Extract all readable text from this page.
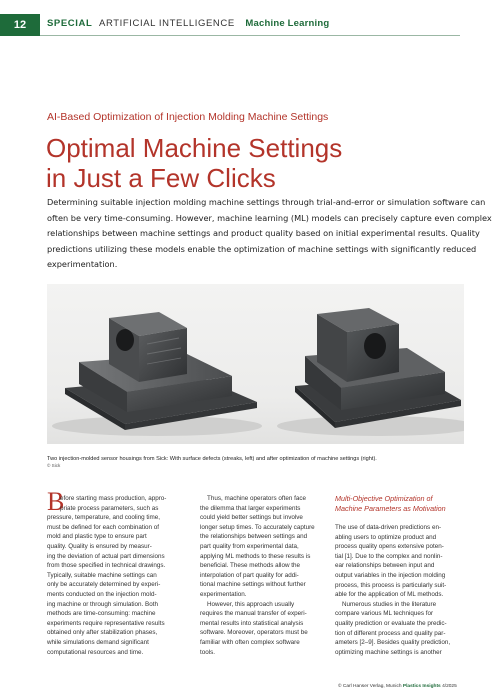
12	SPECIAL ARTIFICIAL INTELLIGENCE Machine Learning
AI-Based Optimization of Injection Molding Machine Settings
Optimal Machine Settings
in Just a Few Clicks
Determining suitable injection molding machine settings through trial-and-error or simulation software can
often be very time-consuming. However, machine learning (ML) models can precisely capture even complex
relationships between machine settings and product quality based on initial experimental results. Quality
predictions utilizing these models enable the optimization of machine settings with significantly reduced
experimentation.
Two injection-molded sensor housings from Sick: With surface defects (streaks, left) and after optimization of machine settings (right).
© Sick
B
efore starting mass production, appro-
priate process parameters, such as
pressure, temperature, and cooling time,
must be defined for each combination of
mold and plastic type to ensure part
quality. Quality is ensured by measur-
ing the deviation of actual part dimensions
from those specified in technical drawings.
Typically, suitable machine settings can
only be accurately determined by experi-
ments conducted on the injection mold-
ing machine or through simulation. Both
methods are time-consuming: machine
experiments require representative results
obtained only after stabilization phases,
while simulations demand significant
computational resources and time.
Thus, machine operators often face
the dilemma that larger experiments
could yield better settings but involve
longer setup times. To accurately capture
the relationships between settings and
part quality from experimental data,
applying ML methods to these results is
beneficial. These methods allow the
interpolation of part quality for addi-
tional machine settings without further
experimentation.
However, this approach usually
requires the manual transfer of experi-
mental results into statistical analysis
software. Moreover, operators must be
familiar with often complex software
tools.
Multi-Objective Optimization of
Machine Parameters as Motivation
The use of data-driven predictions en-
abling users to optimize product and
process quality opens extensive poten-
tial [1]. Due to the complex and nonlin-
ear relationships between input and
output variables in the injection molding
process, this process is particularly suit-
able for the application of ML methods.
Numerous studies in the literature
compare various ML techniques for
quality prediction or evaluate the predic-
tion of different process and quality par-
ameters [2–9]. Besides quality prediction,
optimizing machine settings is another
© Carl Hanser Verlag, Munich Plastics Insights 4/2025
